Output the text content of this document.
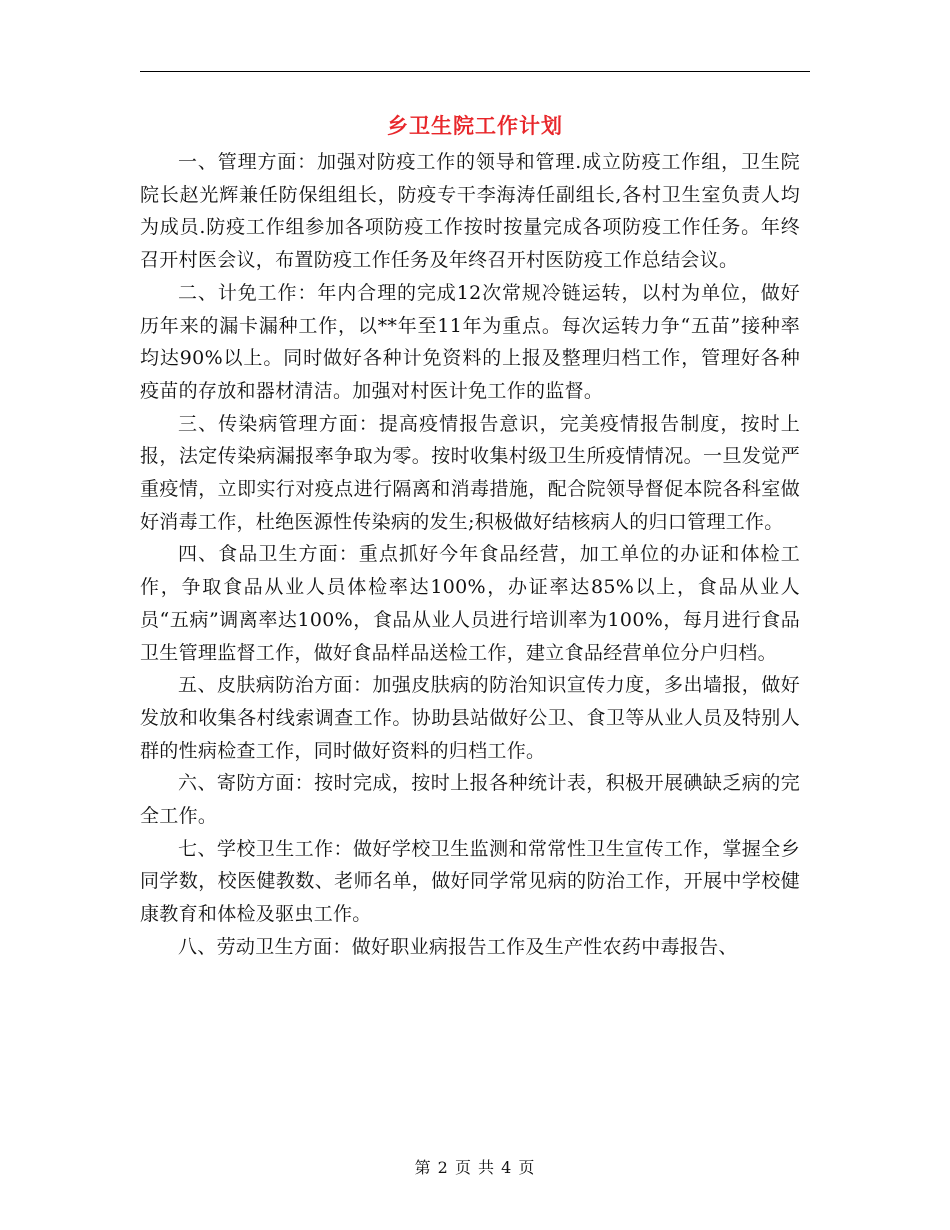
乡卫生院工作计划

一、管理方面：加强对防疫工作的领导和管理.成立防疫工作组，卫生院院长赵光辉兼任防保组组长，防疫专干李海涛任副组长,各村卫生室负责人均为成员.防疫工作组参加各项防疫工作按时按量完成各项防疫工作任务。年终召开村医会议，布置防疫工作任务及年终召开村医防疫工作总结会议。

二、计免工作：年内合理的完成12次常规冷链运转，以村为单位，做好历年来的漏卡漏种工作，以**年至11年为重点。每次运转力争“五苗”接种率均达90%以上。同时做好各种计免资料的上报及整理归档工作，管理好各种疫苗的存放和器材清洁。加强对村医计免工作的监督。

三、传染病管理方面：提高疫情报告意识，完美疫情报告制度，按时上报，法定传染病漏报率争取为零。按时收集村级卫生所疫情情况。一旦发觉严重疫情，立即实行对疫点进行隔离和消毒措施，配合院领导督促本院各科室做好消毒工作，杜绝医源性传染病的发生;积极做好结核病人的归口管理工作。

四、食品卫生方面：重点抓好今年食品经营，加工单位的办证和体检工作，争取食品从业人员体检率达100%，办证率达85%以上，食品从业人员“五病”调离率达100%，食品从业人员进行培训率为100%，每月进行食品卫生管理监督工作，做好食品样品送检工作，建立食品经营单位分户归档。

五、皮肤病防治方面：加强皮肤病的防治知识宣传力度，多出墙报，做好发放和收集各村线索调查工作。协助县站做好公卫、食卫等从业人员及特别人群的性病检查工作，同时做好资料的归档工作。

六、寄防方面：按时完成，按时上报各种统计表，积极开展碘缺乏病的完全工作。

七、学校卫生工作：做好学校卫生监测和常常性卫生宣传工作，掌握全乡同学数，校医健教数、老师名单，做好同学常见病的防治工作，开展中学校健康教育和体检及驱虫工作。

八、劳动卫生方面：做好职业病报告工作及生产性农药中毒报告、

第 2 页 共 4 页
